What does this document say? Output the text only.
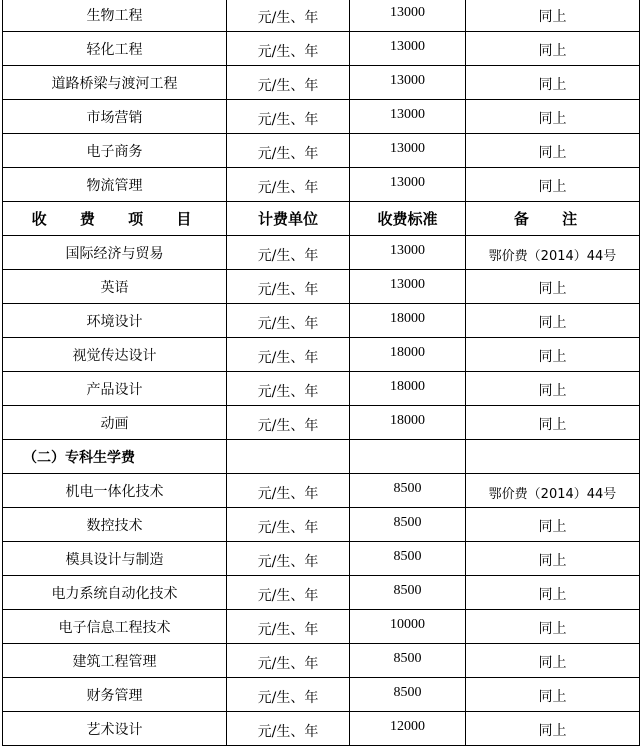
生物工程	元/生、年	13000	同上
轻化工程	元/生、年	13000	同上
道路桥梁与渡河工程	元/生、年	13000	同上
市场营销	元/生、年	13000	同上
电子商务	元/生、年	13000	同上
物流管理	元/生、年	13000	同上
收 费 项 目	计费单位	收费标准	备 注
国际经济与贸易	元/生、年	13000	鄂价费（2014）44号
英语	元/生、年	13000	同上
环境设计	元/生、年	18000	同上
视觉传达设计	元/生、年	18000	同上
产品设计	元/生、年	18000	同上
动画	元/生、年	18000	同上
（二）专科生学费			
机电一体化技术	元/生、年	8500	鄂价费（2014）44号
数控技术	元/生、年	8500	同上
模具设计与制造	元/生、年	8500	同上
电力系统自动化技术	元/生、年	8500	同上
电子信息工程技术	元/生、年	10000	同上
建筑工程管理	元/生、年	8500	同上
财务管理	元/生、年	8500	同上
艺术设计	元/生、年	12000	同上
